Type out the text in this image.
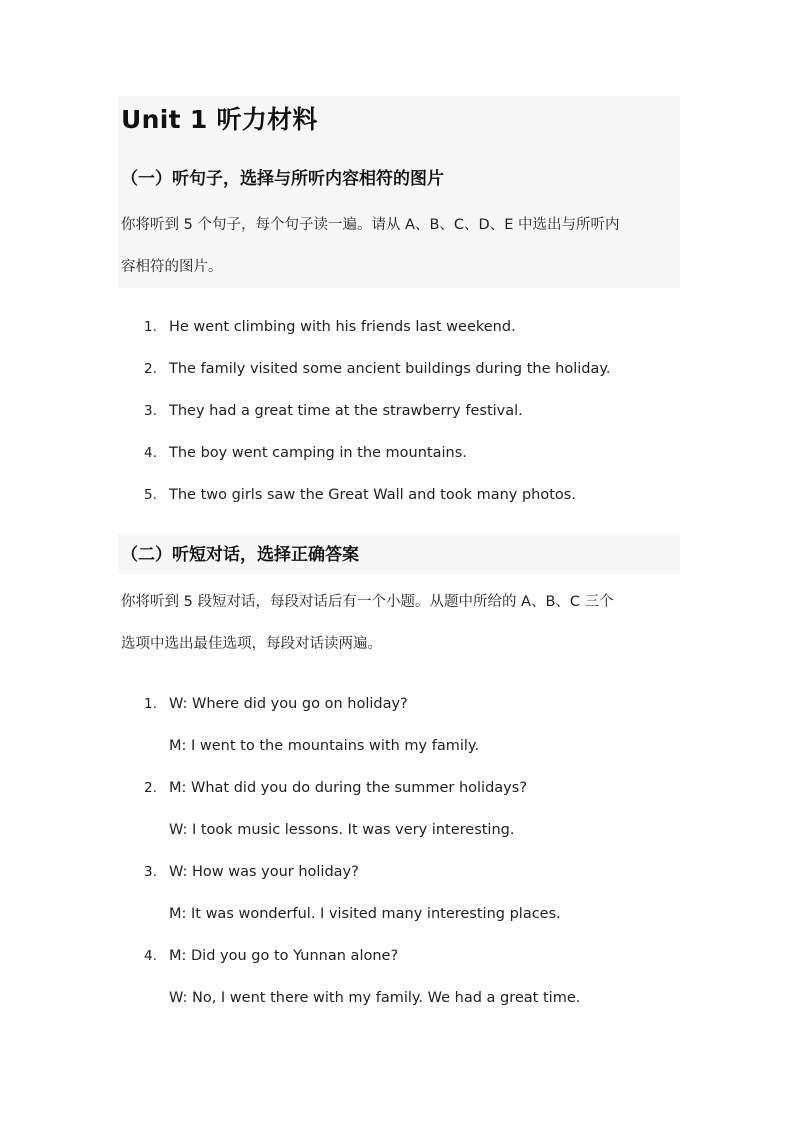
Unit 1 听力材料
（一）听句子，选择与所听内容相符的图片

你将听到 5 个句子，每个句子读一遍。请从 A、B、C、D、E 中选出与所听内

容相符的图片。

1. He went climbing with his friends last weekend.
2. The family visited some ancient buildings during the holiday.
3. They had a great time at the strawberry festival.
4. The boy went camping in the mountains.
5. The two girls saw the Great Wall and took many photos.
（二）听短对话，选择正确答案

你将听到 5 段短对话，每段对话后有一个小题。从题中所给的 A、B、C 三个

选项中选出最佳选项，每段对话读两遍。

1. W: Where did you go on holiday?
M: I went to the mountains with my family.
2. M: What did you do during the summer holidays?
W: I took music lessons. It was very interesting.
3. W: How was your holiday?
M: It was wonderful. I visited many interesting places.
4. M: Did you go to Yunnan alone?
W: No, I went there with my family. We had a great time.
